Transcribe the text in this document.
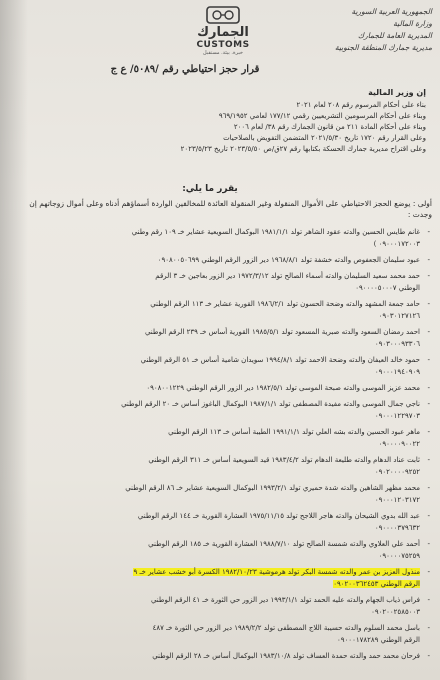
الجمهورية العربية السورية
وزارة المالية
المديرية العامة للجمارك
مديرية جمارك المنطقة الجنوبية
الجمارك
CUSTOMS
خبرة. بيئة. مستقبل
قرار حجز احتياطي رقم /٥٠٨٩/ ع ج
إن وزير المالية
بناء على أحكام المرسوم رقم ٢٠٨ لعام ٢٠٢١
وبناء على أحكام المرسومين التشريعيين رقمي ١٧٧/١٢ لعامي ٩٦٩/١٩٥٢
وبناء على أحكام المادة ٢١١ من قانون الجمارك رقم ٣٨/ لعام ٢٠٠٦
وعلى القرار رقم ١٧٢٠ تاريخ ٢٠٢١/٥/٣٠ المتضمن التفويض بالصلاحيات
وعلى اقتراح مديرية جمارك الحسكة بكتابها رقم ٢٧ق/ص ٢٠٢٣/٥/٥٠ تاريخ ٢٠٢٣/٥/٢٣
يقرر ما يلي:
أولى : يوضع الحجز الاحتياطي على الأموال المنقولة وغير المنقولة العائدة للمخالفين الواردة أسماؤهم أدناه وعلى أموال زوجاتهم إن وجدت :
-
غانم طايس الحسين والدته عقود الشاهر تولد ١٩٨١/١/١ البوكمال السويعية عشاير خـ ١٠٩ رقم وطني
٠٩٠٠٠١٧٢٠٠٣ )
-
عبود سليمان الجعفوص والدته خشفة تولد ١٩٦٨/٨/١ دير الزور الرقم الوطني ٠٩٠٨٠٠٥٠٦٩٩
-
حمد محمد سعيد السليمان والدته أسماء الصالح تولد ١٩٧٢/٣/١٢ دير الزور بعاجين خـ ٣ الرقم
الوطني ٠٩٠٠٠٠٥٠٠٠٧
-
حامد جمعة المشهد والدته وضحة الحسون تولد ١٩٨٦/٢/١ القورية عشاير خـ ١١٣ الرقم الوطني
٠٩٠٣٠١٢٧١٢٦
-
احمد رمضان السعود والدته صبرية المسعود تولد ١٩٨٥/٥/١ القورية أساس خـ ٢٣٩ الرقم الوطني
٠٩٠٣٠٠٠٩٣٣٠٦
-
حمود خالد العيفان والدته وضحة الاحمد تولد ١٩٩٤/٨/١ سويدان شامية أساس خـ ٥١ الرقم الوطني
٠٩٠٠٠١٩٤٠٩٠٩
-
محمد عزيز الموسى والدته صبحة الموسى تولد ١٩٨٢/٥/١ دير الزور الرقم الوطني ٠٩٠٨٠٠١٢٢٩
-
ناجي جمال الموسى والدته مفيدة المصطفى تولد ١٩٨٧/١/١ البوكمال الباغوز أساس خـ ٢٠ الرقم الوطني
٠٩٠٠٠١٢٢٩٧٠٣
-
ماهر عبود الحسين والدته بشه العلي تولد ١٩٩١/١/١ الطيبة أساس خـ ١١٣ الرقم الوطني
٠٩٠٠٠٠٩٠٠٢٢
-
ثابت عناد الدهام والدته طليعة الدهام تولد ١٩٨٣/٤/٢ قيد السويعية أساس خـ ٣١١ الرقم الوطني
٠٩٠٢٠٠٠٠٩٢٥٢
-
محمد مظهر الشاهين والدته شدة حميري تولد ١٩٩٣/٢/١ البوكمال السويعية عشاير خـ ٨٦ الرقم الوطني
٠٩٠٠٠١٢٠٣١٧٢
-
عبد الله بدوي الشيحان والدته هاجر اللاجح تولد ١٩٧٥/١١/١٥ العشارة القورية خـ ١٤٤ الرقم الوطني
٠٩٠٠٠٠٣٧٩٦٣٢
-
أحمد علي العلاوي والدته شمسة الصالح تولد ١٩٨٨/٧/١٠ العشارة القورية خـ ١٨٥ الرقم الوطني
٠٩٠٠٠٠٧٥٢٥٩
-
منذول العزيز بن عمر والدته شمسة البكر تولد هرموشية ١٩٨٢/١٠/٢٣ الكسرة أبو خشب عشاير خـ ٩
الرقم الوطني ٠٩٠٢٠٠٣٦٢٤٥٣
-
فراس ذياب الجهام والدته عليه الحمد تولد ١٩٩٣/١/١ دير الزور حي الثورة خـ ٤١ الرقم الوطني
٠٩٠٢٠٠٢٥٨٥٠٠٣
-
باسل محمد السلوم والدته حسيبة اللاج المصطفى تولد ١٩٨٩/٢/٢ دير الزور حي الثورة خـ ٤٨٧
الرقم الوطني ٠٩٠٠٠١٧٨٢٨٩
-
فرحان محمد حمد والدته حمدة العساف تولد ١٩٨٣/١٠/٨ البوكمال أساس خـ ٢٨ الرقم الوطني
